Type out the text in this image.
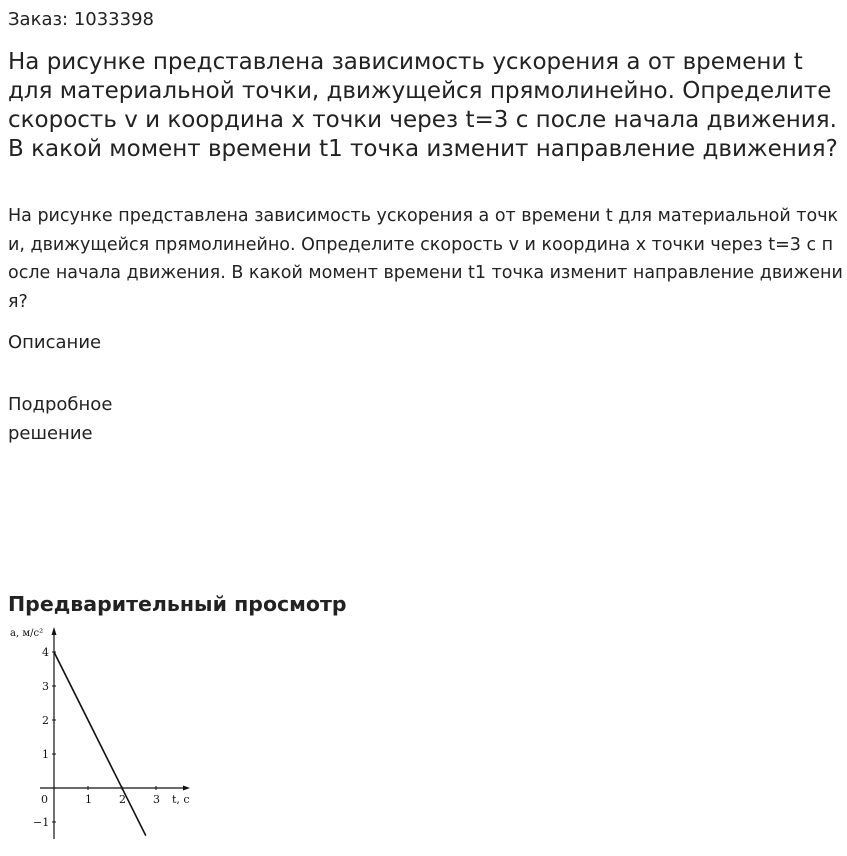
Заказ: 1033398
На рисунке представлена зависимость ускорения a от времени t для материальной точки, движущейся прямолинейно. Определите скорость v и координа x точки через t=3 с после начала движения. В какой момент времени t1 точка изменит направление движения?

На рисунке представлена зависимость ускорения a от времени t для материальной точки, движущейся прямолинейно. Определите скорость v и координа x точки через t=3 с после начала движения. В какой момент времени t1 точка изменит направление движения?

Описание
Подробное решение
Предварительный просмотр
4
3
2
1
−1
1 2 3
a, м/с²
t, с
0
